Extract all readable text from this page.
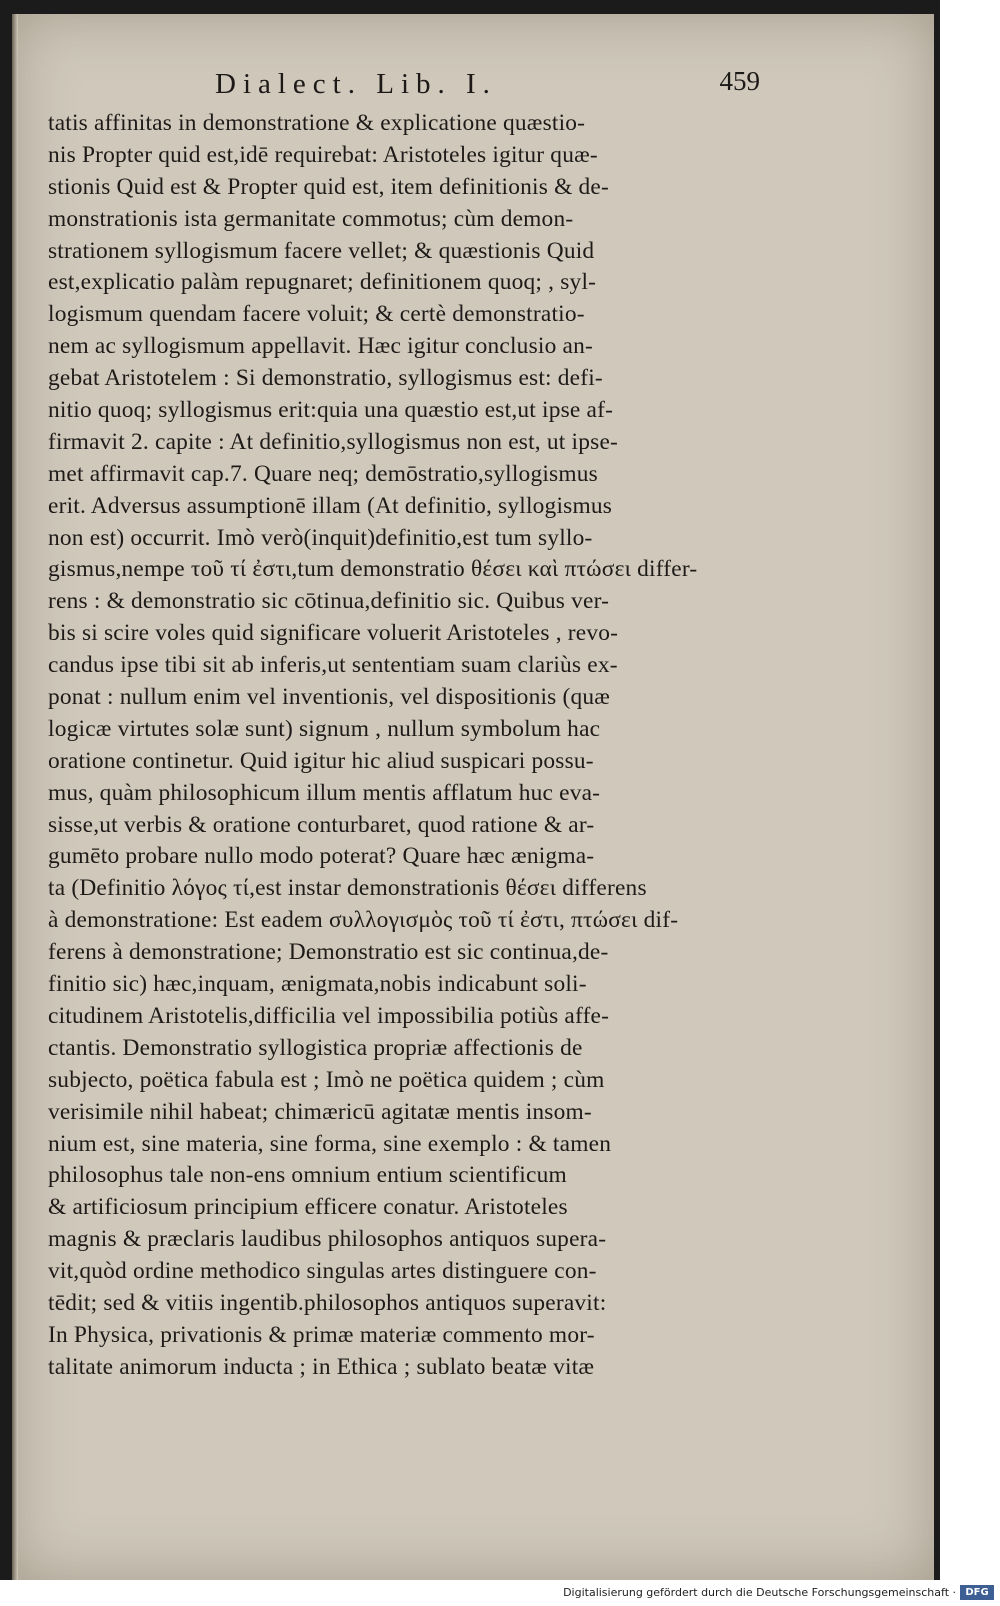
Dialect. Lib. I.	459
tatis affinitas in demonstratione & explicatione quæstio-
nis Propter quid est,idē requirebat: Aristoteles igitur quæ-
stionis Quid est & Propter quid est, item definitionis & de-
monstrationis ista germanitate commotus; cùm demon-
strationem syllogismum facere vellet; & quæstionis Quid
est,explicatio palàm repugnaret; definitionem quoq; , syl-
logismum quendam facere voluit; & certè demonstratio-
nem ac syllogismum appellavit. Hæc igitur conclusio an-
gebat Aristotelem : Si demonstratio, syllogismus est: defi-
nitio quoq; syllogismus erit:quia una quæstio est,ut ipse af-
firmavit 2. capite : At definitio,syllogismus non est, ut ipse-
met affirmavit cap.7. Quare neq; demōstratio,syllogismus
erit. Adversus assumptionē illam (At definitio, syllogismus
non est) occurrit. Imò verò(inquit)definitio,est tum syllo-
gismus,nempe τοῦ τί ἐστι,tum demonstratio θέσει καὶ πτώσει differ-
rens : & demonstratio sic cōtinua,definitio sic. Quibus ver-
bis si scire voles quid significare voluerit Aristoteles , revo-
candus ipse tibi sit ab inferis,ut sententiam suam clariùs ex-
ponat : nullum enim vel inventionis, vel dispositionis (quæ
logicæ virtutes solæ sunt) signum , nullum symbolum hac
oratione continetur. Quid igitur hic aliud suspicari possu-
mus, quàm philosophicum illum mentis afflatum huc eva-
sisse,ut verbis & oratione conturbaret, quod ratione & ar-
gumēto probare nullo modo poterat? Quare hæc ænigma-
ta (Definitio λόγος τί,est instar demonstrationis θέσει differens
à demonstratione: Est eadem συλλογισμὸς τοῦ τί ἐστι, πτώσει dif-
ferens à demonstratione; Demonstratio est sic continua,de-
finitio sic) hæc,inquam, ænigmata,nobis indicabunt soli-
citudinem Aristotelis,difficilia vel impossibilia potiùs affe-
ctantis. Demonstratio syllogistica propriæ affectionis de
subjecto, poëtica fabula est ; Imò ne poëtica quidem ; cùm
verisimile nihil habeat; chimæricū agitatæ mentis insom-
nium est, sine materia, sine forma, sine exemplo : & tamen
philosophus tale non-ens omnium entium scientificum
& artificiosum principium efficere conatur. Aristoteles
magnis & præclaris laudibus philosophos antiquos supera-
vit,quòd ordine methodico singulas artes distinguere con-
tēdit; sed & vitiis ingentib.philosophos antiquos superavit:
In Physica, privationis & primæ materiæ commento mor-
talitate animorum inducta ; in Ethica ; sublato beatæ vitæ
Digitalisierung gefördert durch die Deutsche Forschungsgemeinschaft · DFG
